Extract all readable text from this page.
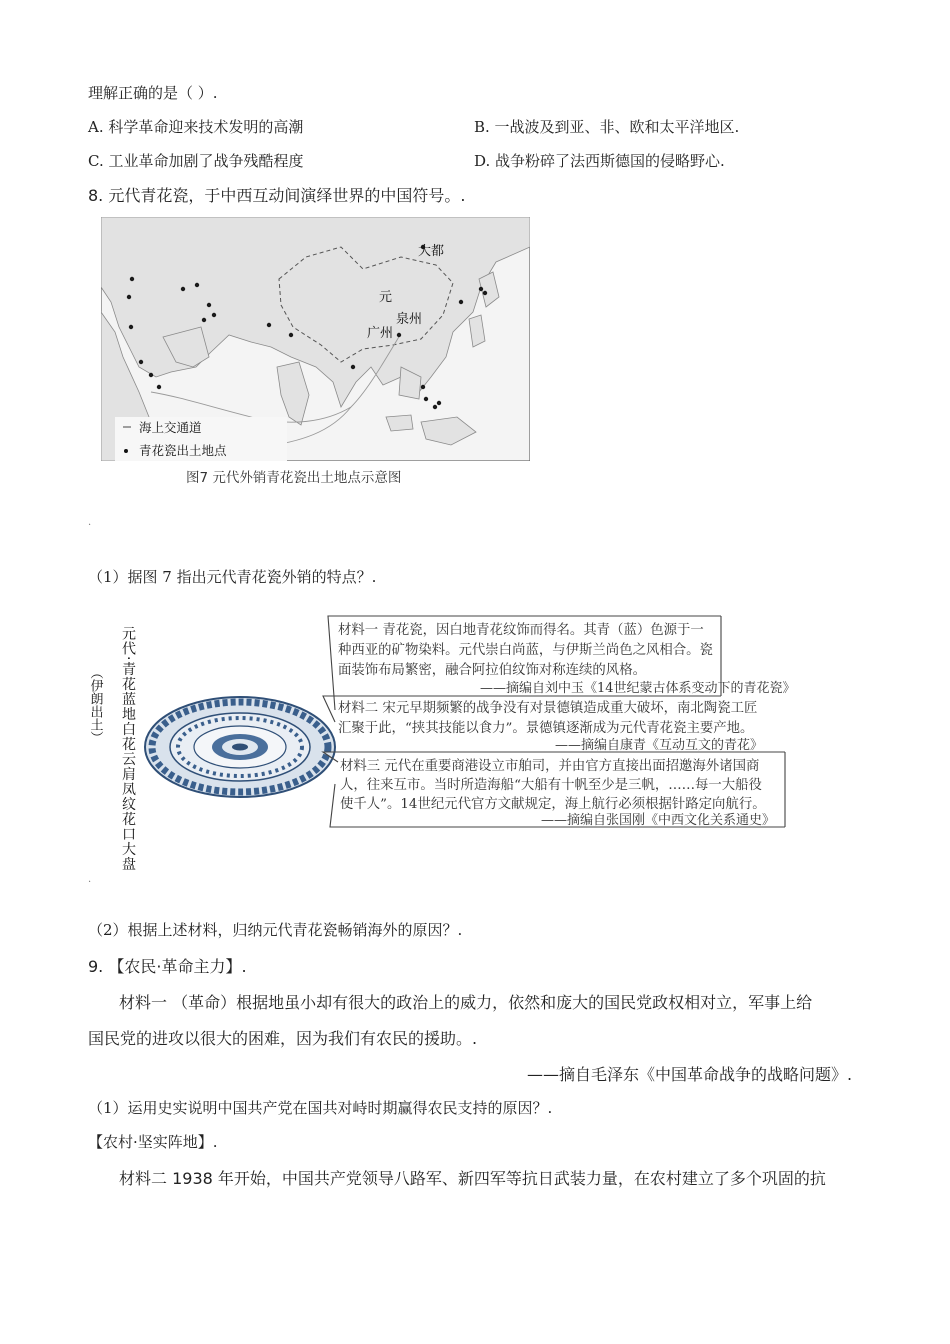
理解正确的是（ ）.
A. 科学革命迎来技术发明的高潮	B. 一战波及到亚、非、欧和太平洋地区.
C. 工业革命加剧了战争残酷程度	D. 战争粉碎了法西斯德国的侵略野心.
8. 元代青花瓷，于中西互动间演绎世界的中国符号。.
大都
元
泉州
广州
海上交通道
青花瓷出土地点
图7 元代外销青花瓷出土地点示意图
.
（1）据图 7 指出元代青花瓷外销的特点？.
元代·青花蓝地白花云肩凤纹花口大盘
（伊朗出土）
材料一 青花瓷，因白地青花纹饰而得名。其青（蓝）色源于一
种西亚的矿物染料。元代崇白尚蓝，与伊斯兰尚色之风相合。瓷
面装饰布局繁密，融合阿拉伯纹饰对称连续的风格。
——摘编自刘中玉《14世纪蒙古体系变动下的青花瓷》
材料二 宋元早期频繁的战争没有对景德镇造成重大破坏，南北陶瓷工匠
汇聚于此，“挟其技能以食力”。景德镇逐渐成为元代青花瓷主要产地。
——摘编自康青《互动互文的青花》
材料三 元代在重要商港设立市舶司，并由官方直接出面招邀海外诸国商
人，往来互市。当时所造海船“大船有十帆至少是三帆，……每一大船役
使千人”。14世纪元代官方文献规定，海上航行必须根据针路定向航行。
——摘编自张国刚《中西文化关系通史》
.
（2）根据上述材料，归纳元代青花瓷畅销海外的原因？.
9. 【农民·革命主力】.
材料一 （革命）根据地虽小却有很大的政治上的威力，依然和庞大的国民党政权相对立，军事上给
国民党的进攻以很大的困难，因为我们有农民的援助。.
——摘自毛泽东《中国革命战争的战略问题》.
（1）运用史实说明中国共产党在国共对峙时期赢得农民支持的原因？.
【农村·坚实阵地】.
材料二 1938 年开始，中国共产党领导八路军、新四军等抗日武装力量，在农村建立了多个巩固的抗
